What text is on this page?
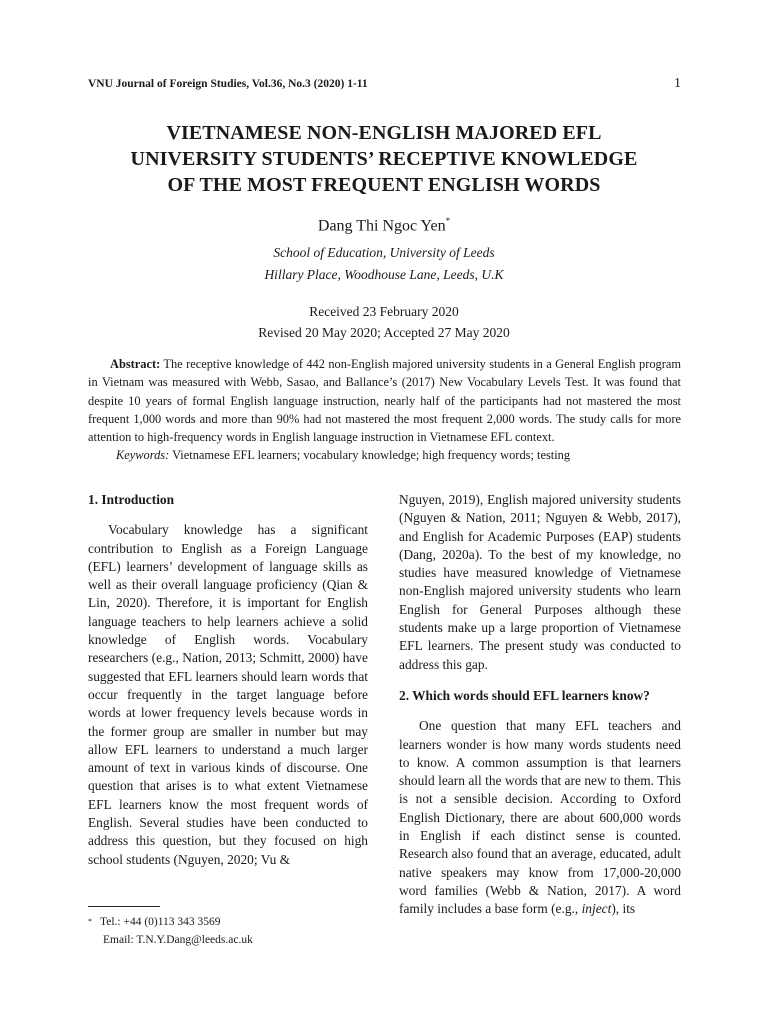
VNU Journal of Foreign Studies, Vol.36, No.3 (2020) 1-11	1
VIETNAMESE NON-ENGLISH MAJORED EFL
UNIVERSITY STUDENTS’ RECEPTIVE KNOWLEDGE
OF THE MOST FREQUENT ENGLISH WORDS
Dang Thi Ngoc Yen*
School of Education, University of Leeds
Hillary Place, Woodhouse Lane, Leeds, U.K
Received 23 February 2020
Revised 20 May 2020; Accepted 27 May 2020

Abstract: The receptive knowledge of 442 non-English majored university students in a General English program in Vietnam was measured with Webb, Sasao, and Ballance’s (2017) New Vocabulary Levels Test. It was found that despite 10 years of formal English language instruction, nearly half of the participants had not mastered the most frequent 1,000 words and more than 90% had not mastered the most frequent 2,000 words. The study calls for more attention to high-frequency words in English language instruction in Vietnamese EFL context.

Keywords: Vietnamese EFL learners; vocabulary knowledge; high frequency words; testing

1. Introduction

Vocabulary knowledge has a significant contribution to English as a Foreign Language (EFL) learners’ development of language skills as well as their overall language proficiency (Qian & Lin, 2020). Therefore, it is important for English language teachers to help learners achieve a solid knowledge of English words. Vocabulary researchers (e.g., Nation, 2013; Schmitt, 2000) have suggested that EFL learners should learn words that occur frequently in the target language before words at lower frequency levels because words in the former group are smaller in number but may allow EFL learners to understand a much larger amount of text in various kinds of discourse. One question that arises is to what extent Vietnamese EFL learners know the most frequent words of English. Several studies have been conducted to address this question, but they focused on high school students (Nguyen, 2020; Vu &

Nguyen, 2019), English majored university students (Nguyen & Nation, 2011; Nguyen & Webb, 2017), and English for Academic Purposes (EAP) students (Dang, 2020a). To the best of my knowledge, no studies have measured knowledge of Vietnamese non-English majored university students who learn English for General Purposes although these students make up a large proportion of Vietnamese EFL learners. The present study was conducted to address this gap.

2. Which words should EFL learners know?

One question that many EFL teachers and learners wonder is how many words students need to know. A common assumption is that learners should learn all the words that are new to them. This is not a sensible decision. According to Oxford English Dictionary, there are about 600,000 words in English if each distinct sense is counted. Research also found that an average, educated, adult native speakers may know from 17,000-20,000 word families (Webb & Nation, 2017). A word family includes a base form (e.g., inject), its

* Tel.: +44 (0)113 343 3569
Email: T.N.Y.Dang@leeds.ac.uk
